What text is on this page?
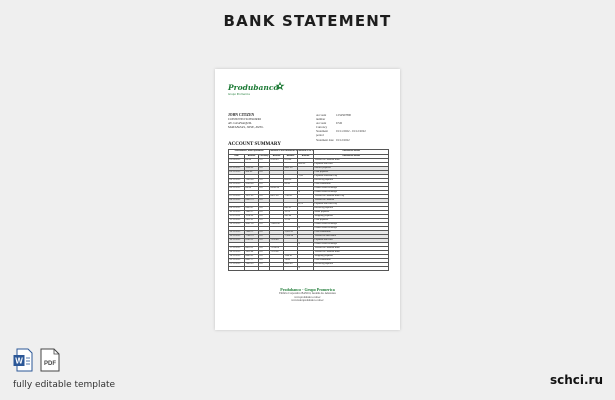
BANK STATEMENT
Produbanco
Grupo Promerica
JOHN CITIZEN
CONJUNTO SOSSORIO
AV. GUAYAQUIL
MATANZAS, JOSE, AVEL
Account number
1234567890
Account Currency
USD
Statement period
01/11/2022 - 01/12/2022
Statement date 01/12/2022
ACCOUNT SUMMARY
Transactions, other operations			Amount in the transaction		Amount to be	Transaction details
Date	Amount	Currency	Amount	Balance	Amount	Transaction details
01/11/2022	89.98	US	9739.43	91,898		Transfer to Lebanon Bank
					800.55	Payment with card
02.11.2022	1150.55	US		9891.55		Interest payment
03.11.2022	500.80	US				Card payment
					7,45	Payment reflection Pay
04.11.2022	7500.00	US		850.09		Electricity payment
05.11.2022	5250.00	US		85.90		Cash withdrawal
06.11.2022	89.98	US	45.80.90			Online credit exchange
					$	Online credit exchange
07.11.2022	1371.92	US	6871.99	7749.07		Transfer to Lebanon Bank Pay
08.11.2022	8909.73	US				Transfer to Lebanon
					8,79	Payment with card Pay
09.11.2022	4950.37	US		681.61		Electricity payment
10.11.2022	7895.17	US		11.74		Water payment
11.11.2022	1128.55	US		991.84		Shopping payment
12.11.2022	2411.51	US		17.53		Card payment
13.11.2022	5091.18	US	71449.50			Online credit exchange
					$	Online credit exchange
14.11.2022	7938.71	US		1,091.91		Cash withdrawal
15.11.2022	7748.73	US		7,189.90		Transfer to other bank
16.11.2022	4193.11	US	7178.89			Payment with card
					$	Online credit exchange
17.11.2022	8819.11	US	71.99.09			Transfer to Lebanon Bank
18.11.2022	1911.88	US	7179.96			Transfer to Lebanon Bank
19.11.2022	8899.51	US		1188.91		Shopping payment
20.11.2022	4451.77	US		79.00		Cash withdrawal
21.11.2022	7890.55	US		9895.89		Electricity payment
					$	
Produbanco - Grupo Promerica
Edificio Corporativo BANCO, Avenida Av. Amazonas
www.produbanco.com.ec
www.bancaprodubanco.com.ec
W	PDF
fully editable template	schci.ru
